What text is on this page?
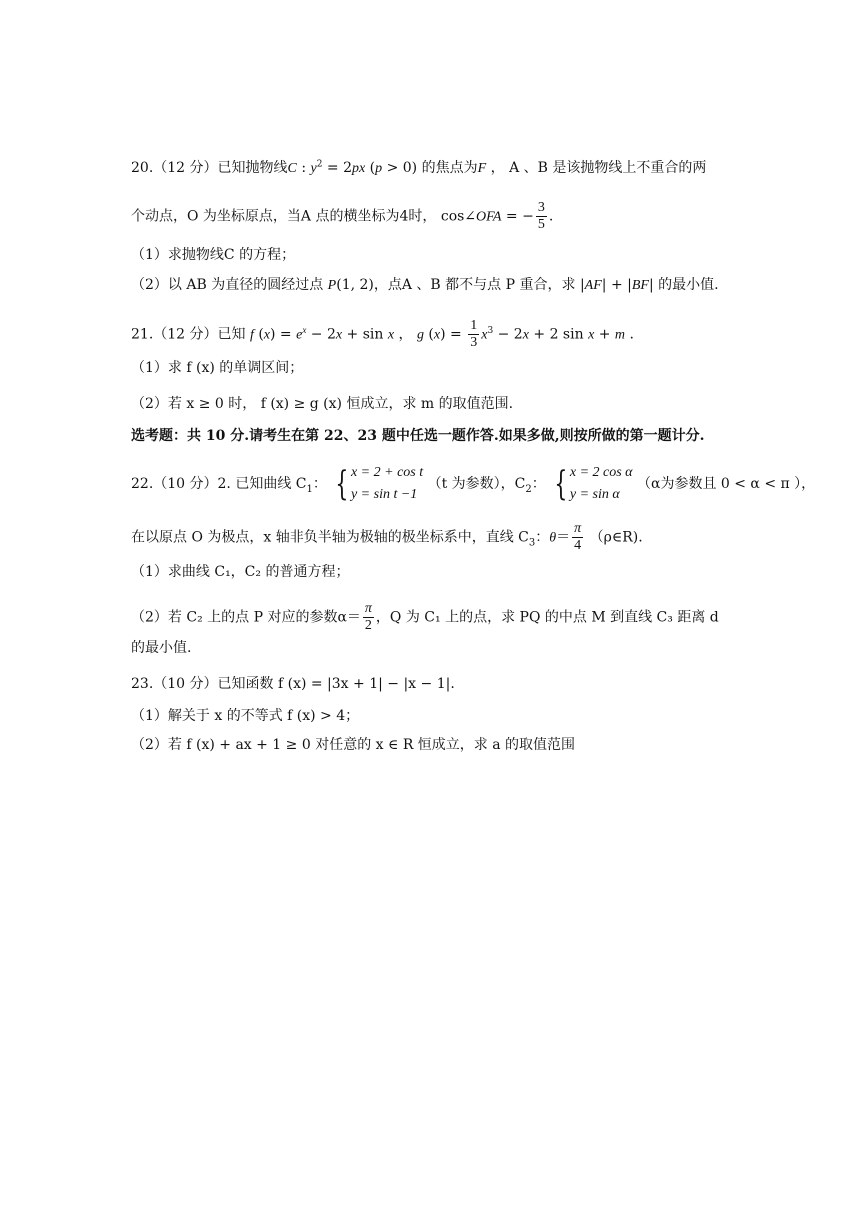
20.（12 分）已知抛物线C : $y^2 = 2px$ (p > 0) 的焦点为F ， A 、B 是该抛物线上不重合的两
个动点，O 为坐标原点，当A 点的横坐标为4时， cos∠OFA = − $\frac{3}{5}$ .
（1）求抛物线C 的方程；
（2）以 AB 为直径的圆经过点 P(1, 2)，点A 、B 都不与点 P 重合，求 |AF| + |BF| 的最小值.
21.（12 分）已知 f $(x) = e^x - 2x + \sin x$ ， g $(x) = \frac{1}{3} x^3 - 2x + 2$ sin x + m .
（1）求 f (x) 的单调区间；
（2）若 x ≥ 0 时， f (x) ≥ g (x) 恒成立，求 m 的取值范围.
选考题：共 10 分.请考生在第 22、23 题中任选一题作答.如果多做,则按所做的第一题计分.
22.（10 分）2. 已知曲线 $C_1$： { x = 2 + cos t
y = sin t −1
（t 为参数），$C_2$： { x = 2 cos α
y = sin α
（α为参数且 0 < α < π ），
在以原点 O 为极点，x 轴非负半轴为极轴的极坐标系中，直线 $C_3$：$\theta= \frac{\pi}{4}$ （ρ∈R).
（1）求曲线 C₁，C₂ 的普通方程；
（2）若 C₂ 上的点 P 对应的参数$\alpha= \frac{\pi}{2}$ ，Q 为 C₁ 上的点，求 PQ 的中点 M 到直线 C₃ 距离 d
的最小值.
23.（10 分）已知函数 f (x) = |3x + 1| − |x − 1|.
（1）解关于 x 的不等式 f (x) > 4；
（2）若 f (x) + ax + 1 ≥ 0 对任意的 x ∈ R 恒成立，求 a 的取值范围
